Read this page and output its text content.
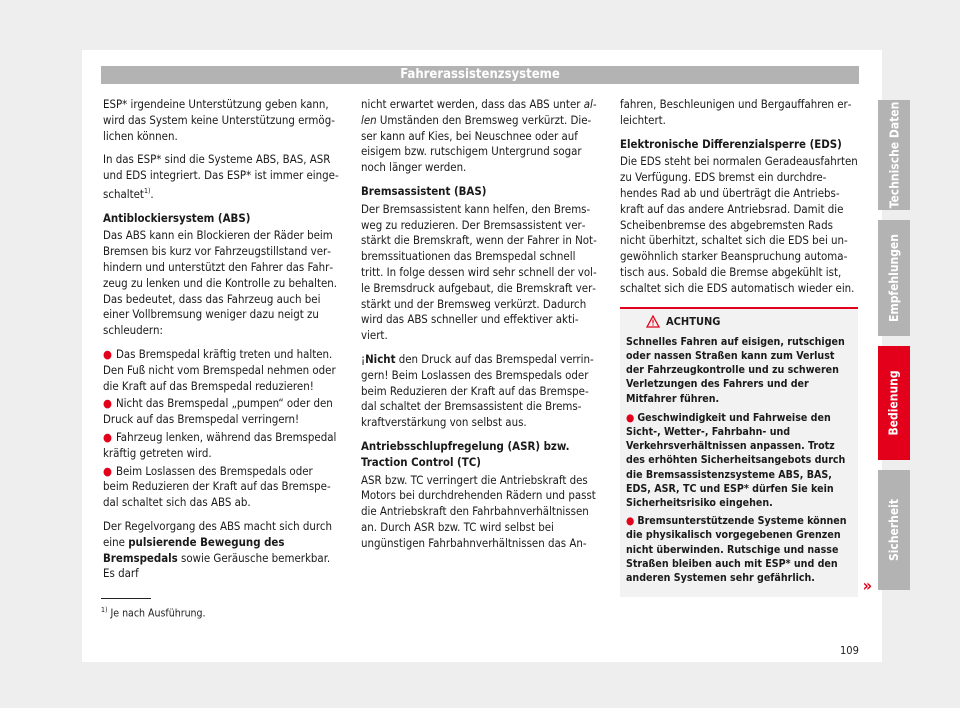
Fahrerassistenzsysteme

ESP* irgendeine Unterstützung geben kann, wird das System keine Unterstützung ermöglichen können.

In das ESP* sind die Systeme ABS, BAS, ASR und EDS integriert. Das ESP* ist immer eingeschaltet$^{1)}$.

Antiblockiersystem (ABS)

Das ABS kann ein Blockieren der Räder beim Bremsen bis kurz vor Fahrzeugstillstand verhindern und unterstützt den Fahrer das Fahrzeug zu lenken und die Kontrolle zu behalten. Das bedeutet, dass das Fahrzeug auch bei einer Vollbremsung weniger dazu neigt zu schleudern:

● Das Bremspedal kräftig treten und halten. Den Fuß nicht vom Bremspedal nehmen oder die Kraft auf das Bremspedal reduzieren!
● Nicht das Bremspedal „pumpen“ oder den Druck auf das Bremspedal verringern!
● Fahrzeug lenken, während das Bremspedal kräftig getreten wird.
● Beim Loslassen des Bremspedals oder beim Reduzieren der Kraft auf das Bremspedal schaltet sich das ABS ab.

Der Regelvorgang des ABS macht sich durch eine pulsierende Bewegung des Bremspedals sowie Geräusche bemerkbar. Es darf

nicht erwartet werden, dass das ABS unter allen Umständen den Bremsweg verkürzt. Dieser kann auf Kies, bei Neuschnee oder auf eisigem bzw. rutschigem Untergrund sogar noch länger werden.

Bremsassistent (BAS)

Der Bremsassistent kann helfen, den Bremsweg zu reduzieren. Der Bremsassistent verstärkt die Bremskraft, wenn der Fahrer in Notbremssituationen das Bremspedal schnell tritt. In folge dessen wird sehr schnell der volle Bremsdruck aufgebaut, die Bremskraft verstärkt und der Bremsweg verkürzt. Dadurch wird das ABS schneller und effektiver aktiviert.

¡Nicht den Druck auf das Bremspedal verringern! Beim Loslassen des Bremspedals oder beim Reduzieren der Kraft auf das Bremspedal schaltet der Bremsassistent die Bremskraftverstärkung von selbst aus.

Antriebsschlupfregelung (ASR) bzw. Traction Control (TC)

ASR bzw. TC verringert die Antriebskraft des Motors bei durchdrehenden Rädern und passt die Antriebskraft den Fahrbahnverhältnissen an. Durch ASR bzw. TC wird selbst bei ungünstigen Fahrbahnverhältnissen das An-

fahren, Beschleunigen und Bergauffahren erleichtert.

Elektronische Differenzialsperre (EDS)

Die EDS steht bei normalen Geradeausfahrten zu Verfügung. EDS bremst ein durchdrehendes Rad ab und überträgt die Antriebskraft auf das andere Antriebsrad. Damit die Scheibenbremse des abgebremsten Rads nicht überhitzt, schaltet sich die EDS bei ungewöhnlich starker Beanspruchung automatisch aus. Sobald die Bremse abgekühlt ist, schaltet sich die EDS automatisch wieder ein.

ACHTUNG

Schnelles Fahren auf eisigen, rutschigen oder nassen Straßen kann zum Verlust der Fahrzeugkontrolle und zu schweren Verletzungen des Fahrers und der Mitfahrer führen.

● Geschwindigkeit und Fahrweise den Sicht-, Wetter-, Fahrbahn- und Verkehrsverhältnissen anpassen. Trotz des erhöhten Sicherheitsangebots durch die Bremsassistenzsysteme ABS, BAS, EDS, ASR, TC und ESP* dürfen Sie kein Sicherheitsrisiko eingehen.
● Bremsunterstützende Systeme können die physikalisch vorgegebenen Grenzen nicht überwinden. Rutschige und nasse Straßen bleiben auch mit ESP* und den anderen Systemen sehr gefährlich.	»
Technische Daten
Empfehlungen
Bedienung
Sicherheit
$^{1)}$ Je nach Ausführung.
109
